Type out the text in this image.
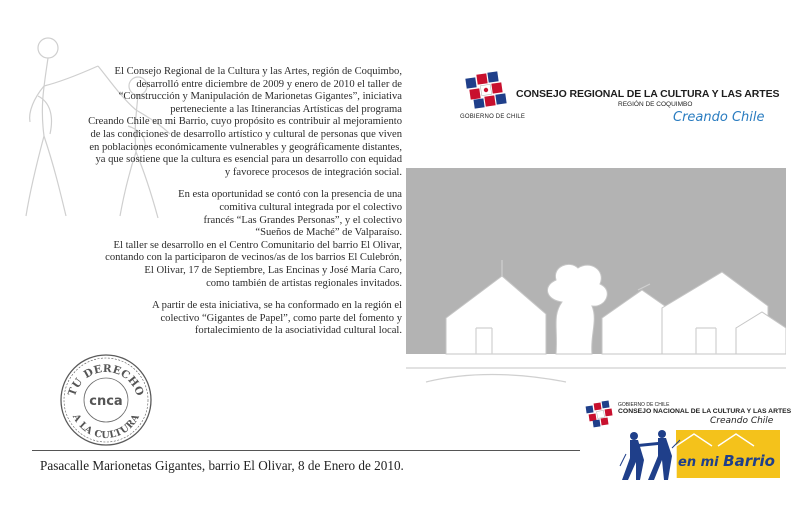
El Consejo Regional de la Cultura y las Artes, región de Coquimbo,
desarrolló entre diciembre de 2009 y enero de 2010 el taller de
“Construcción y Manipulación de Marionetas Gigantes”, iniciativa
perteneciente a las Itinerancias Artísticas del programa
Creando Chile en mi Barrio, cuyo propósito es contribuir al mejoramiento
de las condiciones de desarrollo artístico y cultural de personas que viven
en poblaciones económicamente vulnerables y geográficamente distantes,
ya que sostiene que la cultura es esencial para un desarrollo con equidad
y favorece procesos de integración social.

En esta oportunidad se contó con la presencia de una
comitiva cultural integrada por el colectivo
francés “Las Grandes Personas”, y el colectivo
“Sueños de Maché” de Valparaíso.

El taller se desarrollo en el Centro Comunitario del barrio El Olivar,
contando con la participaron de vecinos/as de los barrios El Culebrón,
El Olivar, 17 de Septiembre, Las Encinas y José María Caro,
como también de artistas regionales invitados.

A partir de esta iniciativa, se ha conformado en la región el
colectivo “Gigantes de Papel”, como parte del fomento y
fortalecimiento de la asociatividad cultural local.

TU DERECHO
A LA CULTURA
cnca
Pasacalle Marionetas Gigantes, barrio El Olivar, 8 de Enero de 2010.
GOBIERNO DE CHILE
CONSEJO REGIONAL DE LA CULTURA Y LAS ARTES
REGIÓN DE COQUIMBO
Creando Chile
GOBIERNO DE CHILE
CONSEJO NACIONAL DE LA CULTURA Y LAS ARTES
Creando Chile
en mi Barrio
